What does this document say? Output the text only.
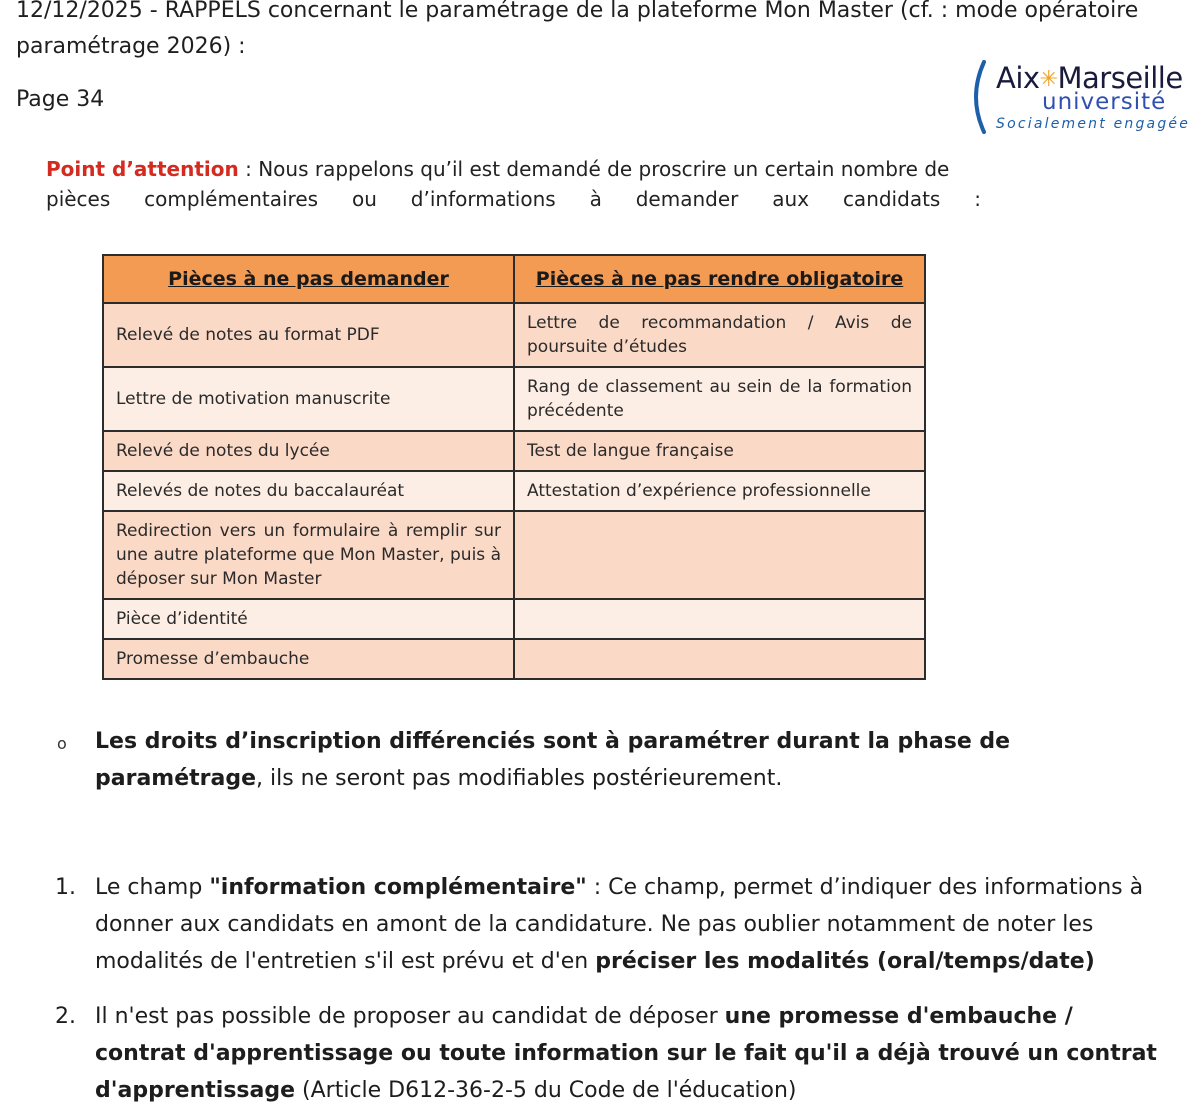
12/12/2025 - RAPPELS concernant le paramétrage de la plateforme Mon Master (cf. : mode opératoire
paramétrage 2026) :
Page 34
Aix✳Marseille
université
Socialement engagée
Point d’attention : Nous rappelons qu’il est demandé de proscrire un certain nombre de
pièces complémentaires ou d’informations à demander aux candidats :
Pièces à ne pas demander	Pièces à ne pas rendre obligatoire
Relevé de notes au format PDF	Lettre de recommandation / Avis de poursuite d’études
Lettre de motivation manuscrite	Rang de classement au sein de la formation précédente
Relevé de notes du lycée	Test de langue française
Relevés de notes du baccalauréat	Attestation d’expérience professionnelle
Redirection vers un formulaire à remplir sur une autre plateforme que Mon Master, puis à déposer sur Mon Master	
Pièce d’identité	
Promesse d’embauche	
o Les droits d’inscription différenciés sont à paramétrer durant la phase de paramétrage, ils ne seront pas modifiables postérieurement.
1. Le champ "information complémentaire" : Ce champ, permet d’indiquer des informations à donner aux candidats en amont de la candidature. Ne pas oublier notamment de noter les modalités de l'entretien s'il est prévu et d'en préciser les modalités (oral/temps/date)
2. Il n'est pas possible de proposer au candidat de déposer une promesse d'embauche / contrat d'apprentissage ou toute information sur le fait qu'il a déjà trouvé un contrat d'apprentissage (Article D612-36-2-5 du Code de l'éducation)
